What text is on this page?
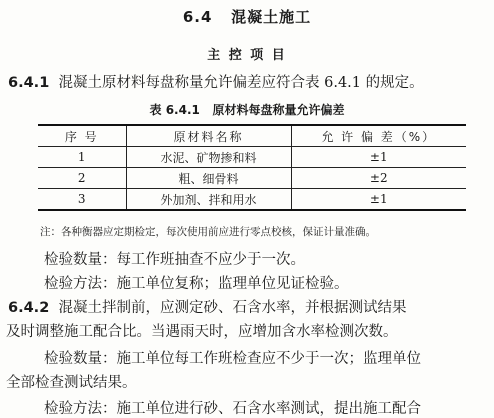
6.4 混凝土施工
主 控 项 目
6.4.1 混凝土原材料每盘称量允许偏差应符合表 6.4.1 的规定。
表 6.4.1 原材料每盘称量允许偏差
序 号	原材料名称	允 许 偏 差（%）
1	水泥、矿物掺和料	±1
2	粗、细骨料	±2
3	外加剂、拌和用水	±1
注：各种衡器应定期检定，每次使用前应进行零点校核，保证计量准确。
检验数量：每工作班抽查不应少于一次。
检验方法：施工单位复称；监理单位见证检验。
6.4.2 混凝土拌制前，应测定砂、石含水率，并根据测试结果
及时调整施工配合比。当遇雨天时，应增加含水率检测次数。
检验数量：施工单位每工作班检查应不少于一次；监理单位
全部检查测试结果。
检验方法：施工单位进行砂、石含水率测试，提出施工配合
